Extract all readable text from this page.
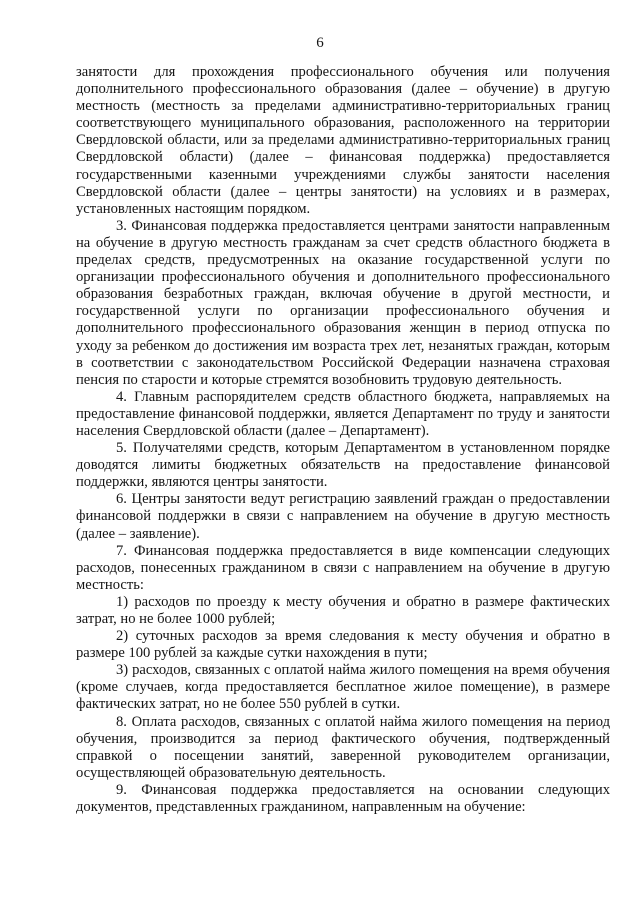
6

занятости для прохождения профессионального обучения или получения дополнительного профессионального образования (далее – обучение) в другую местность (местность за пределами административно-территориальных границ соответствующего муниципального образования, расположенного на территории Свердловской области, или за пределами административно-территориальных границ Свердловской области) (далее – финансовая поддержка) предоставляется государственными казенными учреждениями службы занятости населения Свердловской области (далее – центры занятости) на условиях и в размерах, установленных настоящим порядком.

3. Финансовая поддержка предоставляется центрами занятости направленным на обучение в другую местность гражданам за счет средств областного бюджета в пределах средств, предусмотренных на оказание государственной услуги по организации профессионального обучения и дополнительного профессионального образования безработных граждан, включая обучение в другой местности, и государственной услуги по организации профессионального обучения и дополнительного профессионального образования женщин в период отпуска по уходу за ребенком до достижения им возраста трех лет, незанятых граждан, которым в соответствии с законодательством Российской Федерации назначена страховая пенсия по старости и которые стремятся возобновить трудовую деятельность.

4. Главным распорядителем средств областного бюджета, направляемых на предоставление финансовой поддержки, является Департамент по труду и занятости населения Свердловской области (далее – Департамент).

5. Получателями средств, которым Департаментом в установленном порядке доводятся лимиты бюджетных обязательств на предоставление финансовой поддержки, являются центры занятости.

6. Центры занятости ведут регистрацию заявлений граждан о предоставлении финансовой поддержки в связи с направлением на обучение в другую местность (далее – заявление).

7. Финансовая поддержка предоставляется в виде компенсации следующих расходов, понесенных гражданином в связи с направлением на обучение в другую местность:

1) расходов по проезду к месту обучения и обратно в размере фактических затрат, но не более 1000 рублей;

2) суточных расходов за время следования к месту обучения и обратно в размере 100 рублей за каждые сутки нахождения в пути;

3) расходов, связанных с оплатой найма жилого помещения на время обучения (кроме случаев, когда предоставляется бесплатное жилое помещение), в размере фактических затрат, но не более 550 рублей в сутки.

8. Оплата расходов, связанных с оплатой найма жилого помещения на период обучения, производится за период фактического обучения, подтвержденный справкой о посещении занятий, заверенной руководителем организации, осуществляющей образовательную деятельность.

9. Финансовая поддержка предоставляется на основании следующих документов, представленных гражданином, направленным на обучение:
